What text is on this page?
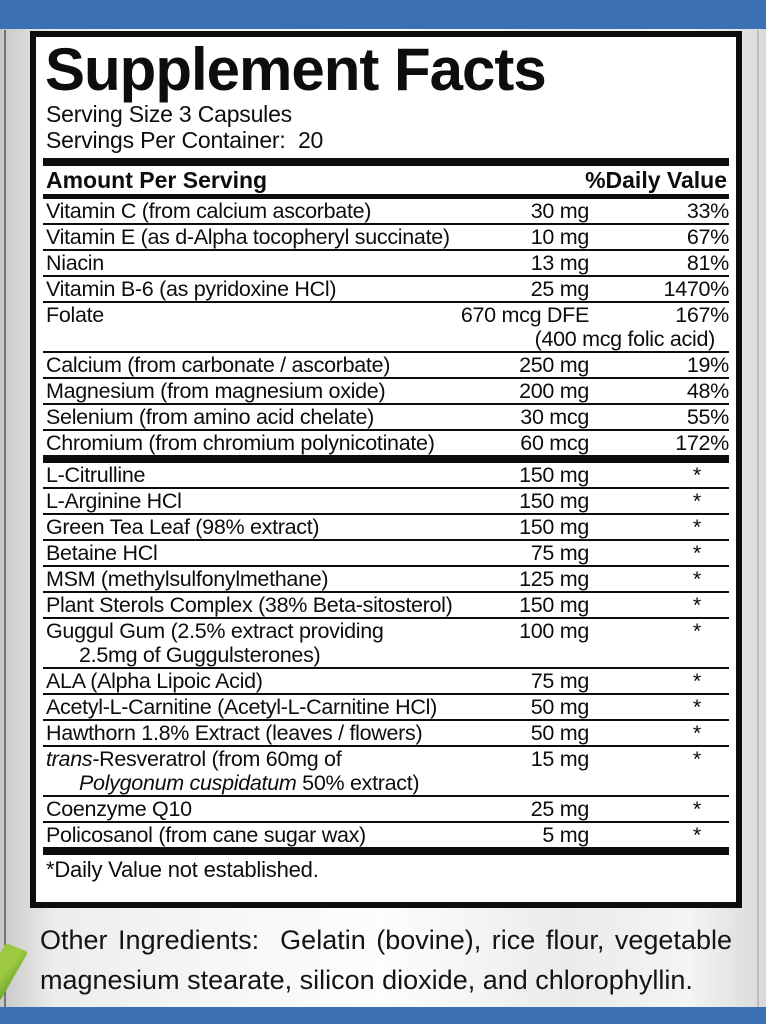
Supplement Facts
Serving Size 3 Capsules
Servings Per Container:  20
Amount Per Serving	%Daily Value
Vitamin C (from calcium ascorbate)	30 mg	33%
Vitamin E (as d-Alpha tocopheryl succinate)	10 mg	67%
Niacin	13 mg	81%
Vitamin B-6 (as pyridoxine HCl)	25 mg	1470%
Folate	670 mcg DFE	167%
(400 mcg folic acid)
Calcium (from carbonate / ascorbate)	250 mg	19%
Magnesium (from magnesium oxide)	200 mg	48%
Selenium (from amino acid chelate)	30 mcg	55%
Chromium (from chromium polynicotinate)	60 mcg	172%
L-Citrulline	150 mg	*
L-Arginine HCl	150 mg	*
Green Tea Leaf (98% extract)	150 mg	*
Betaine HCl	75 mg	*
MSM (methylsulfonylmethane)	125 mg	*
Plant Sterols Complex (38% Beta-sitosterol)	150 mg	*
Guggul Gum (2.5% extract providing	100 mg	*
2.5mg of Guggulsterones)
ALA (Alpha Lipoic Acid)	75 mg	*
Acetyl-L-Carnitine (Acetyl-L-Carnitine HCl)	50 mg	*
Hawthorn 1.8% Extract (leaves / flowers)	50 mg	*
trans-Resveratrol (from 60mg of	15 mg	*
Polygonum cuspidatum 50% extract)
Coenzyme Q10	25 mg	*
Policosanol (from cane sugar wax)	5 mg	*
*Daily Value not established.

Other Ingredients:  Gelatin (bovine), rice flour, vegetable magnesium stearate, silicon dioxide, and chlorophyllin.
